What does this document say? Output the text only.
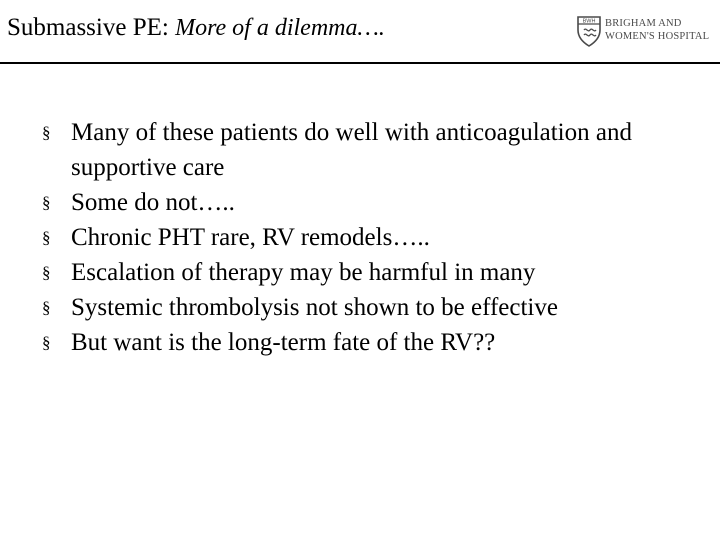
Submassive PE: More of a dilemma….	BWH BRIGHAM AND
WOMEN'S HOSPITAL
§ Many of these patients do well with anticoagulation and supportive care
§ Some do not…..
§ Chronic PHT rare, RV remodels…..
§ Escalation of therapy may be harmful in many
§ Systemic thrombolysis not shown to be effective
§ But want is the long-term fate of the RV??
